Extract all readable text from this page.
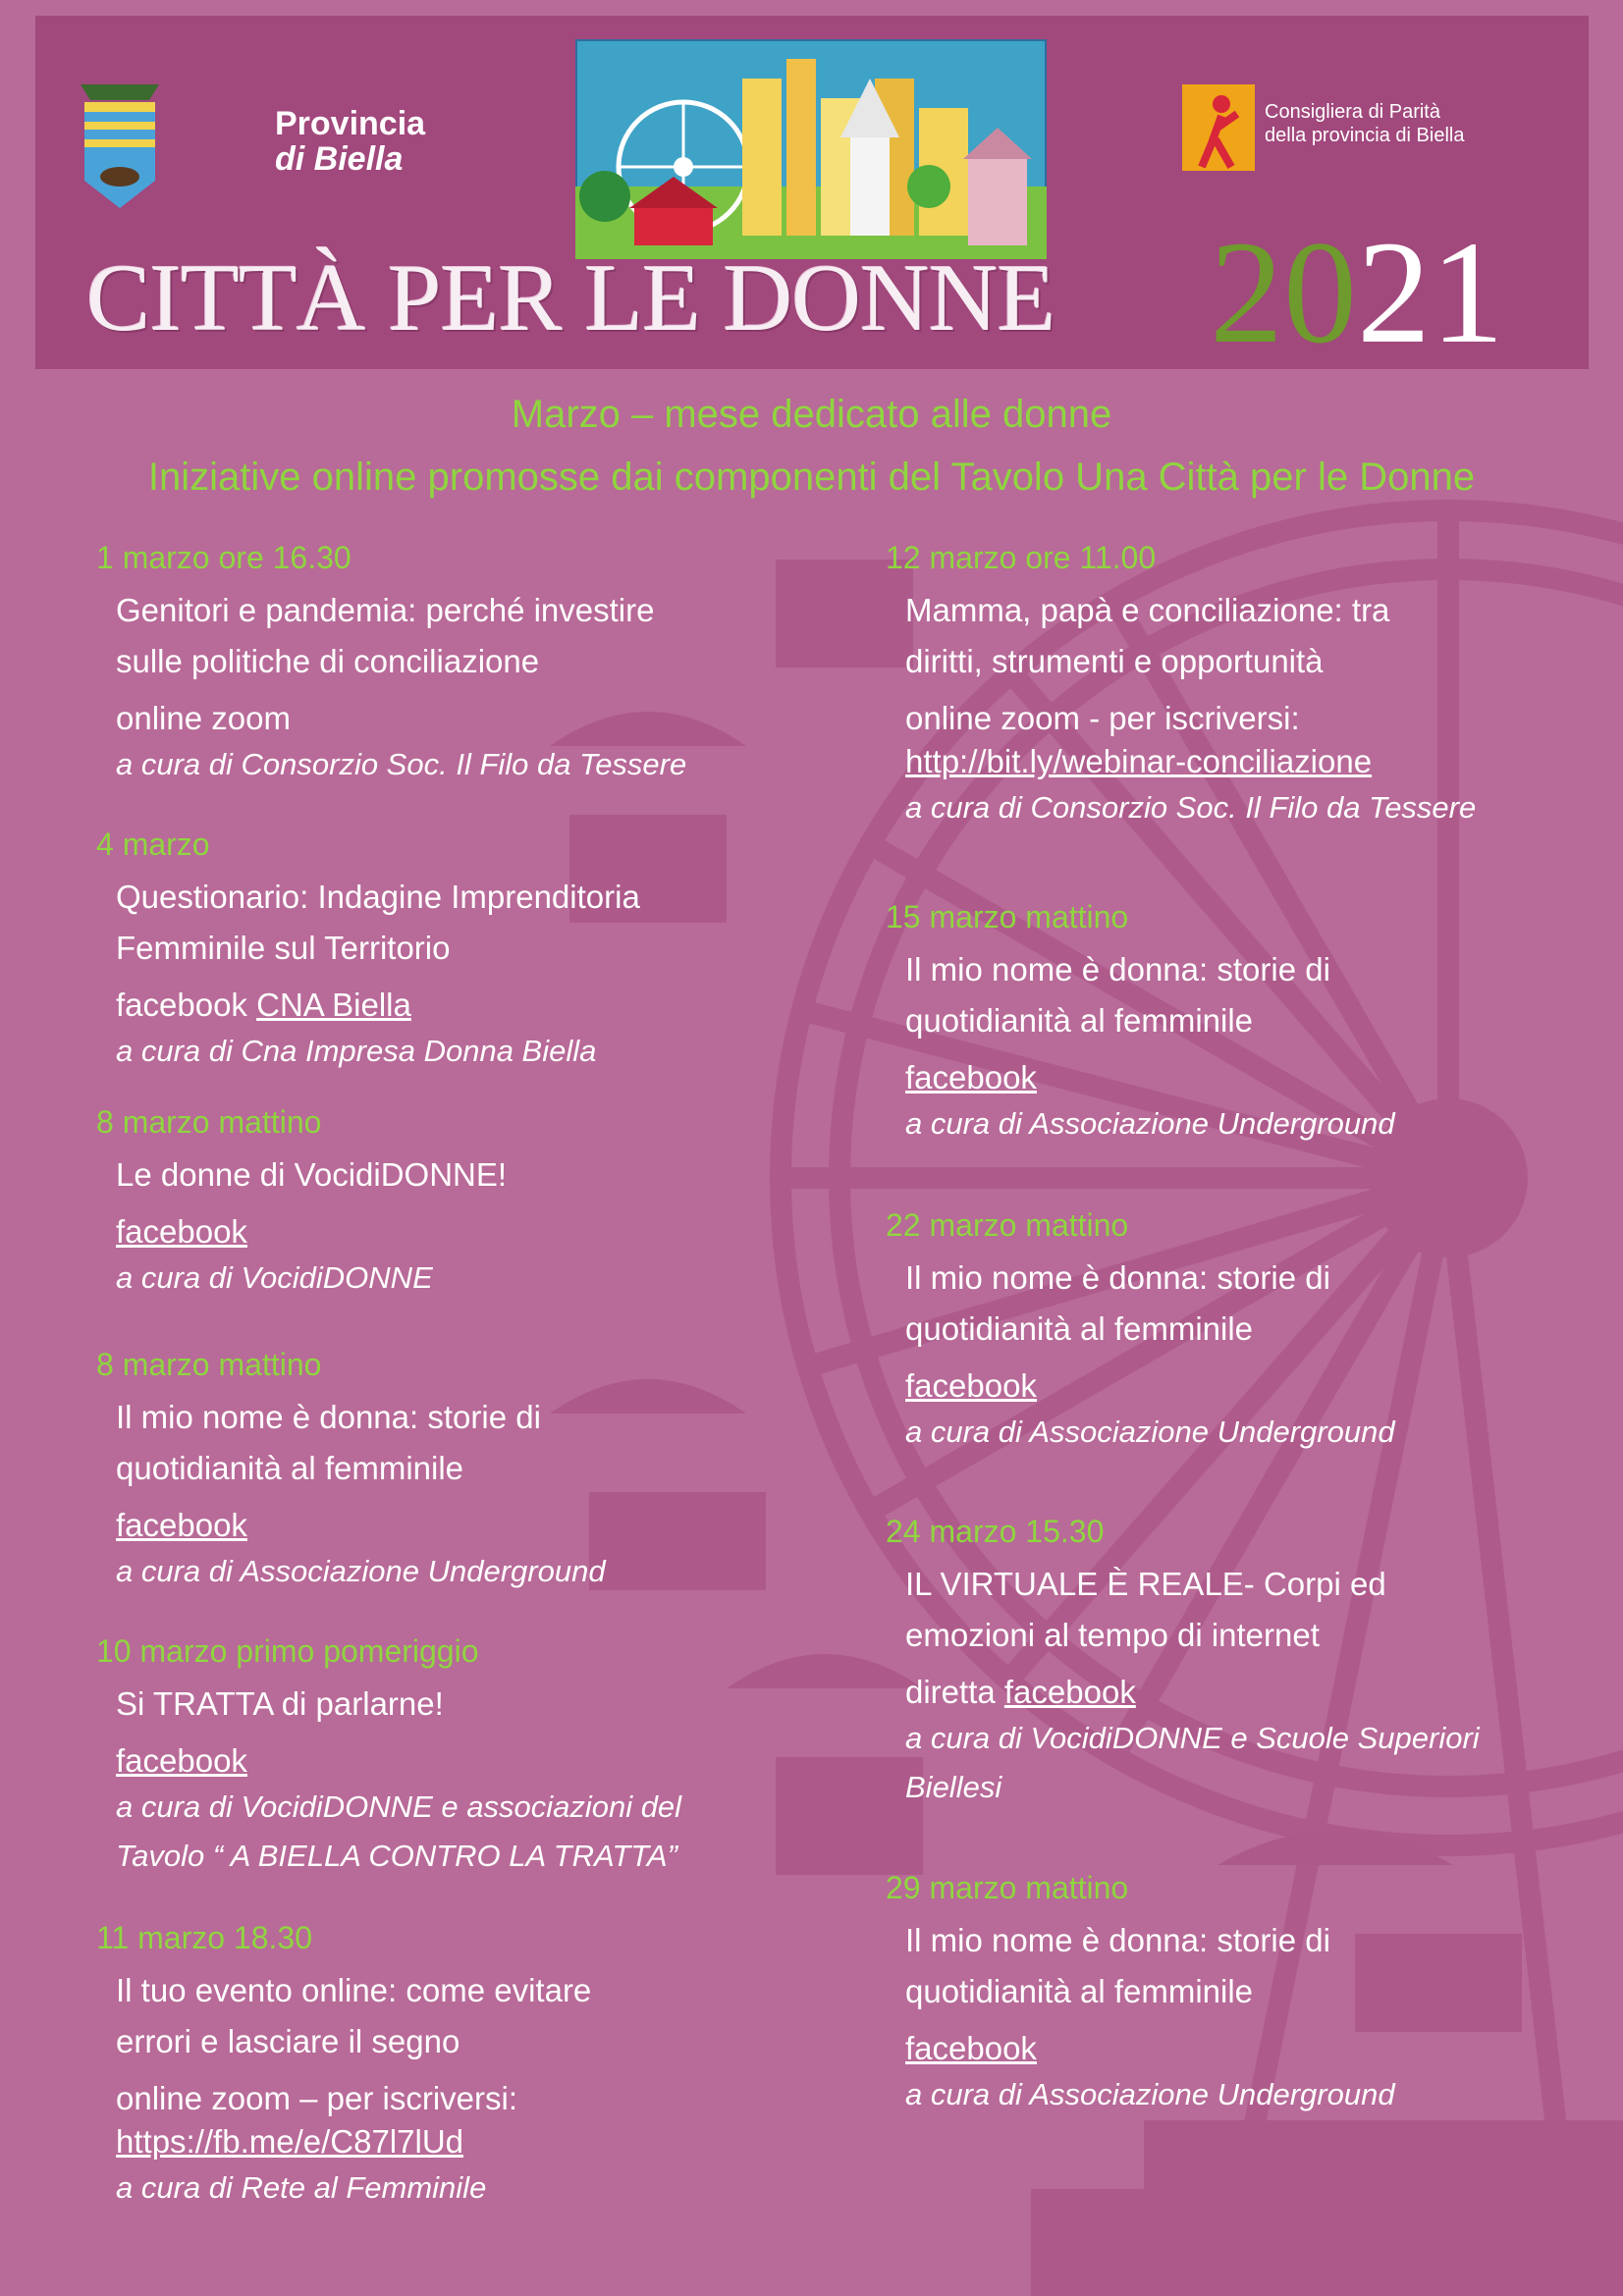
Provincia
di Biella
Consigliera di Parità
della provincia di Biella
CITTÀ PER LE DONNE 2021
Marzo – mese dedicato alle donne
Iniziative online promosse dai componenti del Tavolo Una Città per le Donne
1 marzo ore 16.30
Genitori e pandemia: perché investire
sulle politiche di conciliazione
online zoom
a cura di Consorzio Soc. Il Filo da Tessere
4 marzo
Questionario: Indagine Imprenditoria
Femminile sul Territorio
facebook CNA Biella
a cura di Cna Impresa Donna Biella
8 marzo mattino
Le donne di VocidiDONNE!
facebook
a cura di VocidiDONNE
8 marzo mattino
Il mio nome è donna: storie di
quotidianità al femminile
facebook
a cura di Associazione Underground
10 marzo primo pomeriggio
Si TRATTA di parlarne!
facebook
a cura di VocidiDONNE e associazioni del
Tavolo “ A BIELLA CONTRO LA TRATTA”
11 marzo 18.30
Il tuo evento online: come evitare
errori e lasciare il segno
online zoom – per iscriversi:
https://fb.me/e/C87l7lUd
a cura di Rete al Femminile
12 marzo ore 11.00
Mamma, papà e conciliazione: tra
diritti, strumenti e opportunità
online zoom - per iscriversi:
http://bit.ly/webinar-conciliazione
a cura di Consorzio Soc. Il Filo da Tessere
15 marzo mattino
Il mio nome è donna: storie di
quotidianità al femminile
facebook
a cura di Associazione Underground
22 marzo mattino
Il mio nome è donna: storie di
quotidianità al femminile
facebook
a cura di Associazione Underground
24 marzo 15.30
IL VIRTUALE È REALE- Corpi ed
emozioni al tempo di internet
diretta facebook
a cura di VocidiDONNE e Scuole Superiori
Biellesi
29 marzo mattino
Il mio nome è donna: storie di
quotidianità al femminile
facebook
a cura di Associazione Underground
